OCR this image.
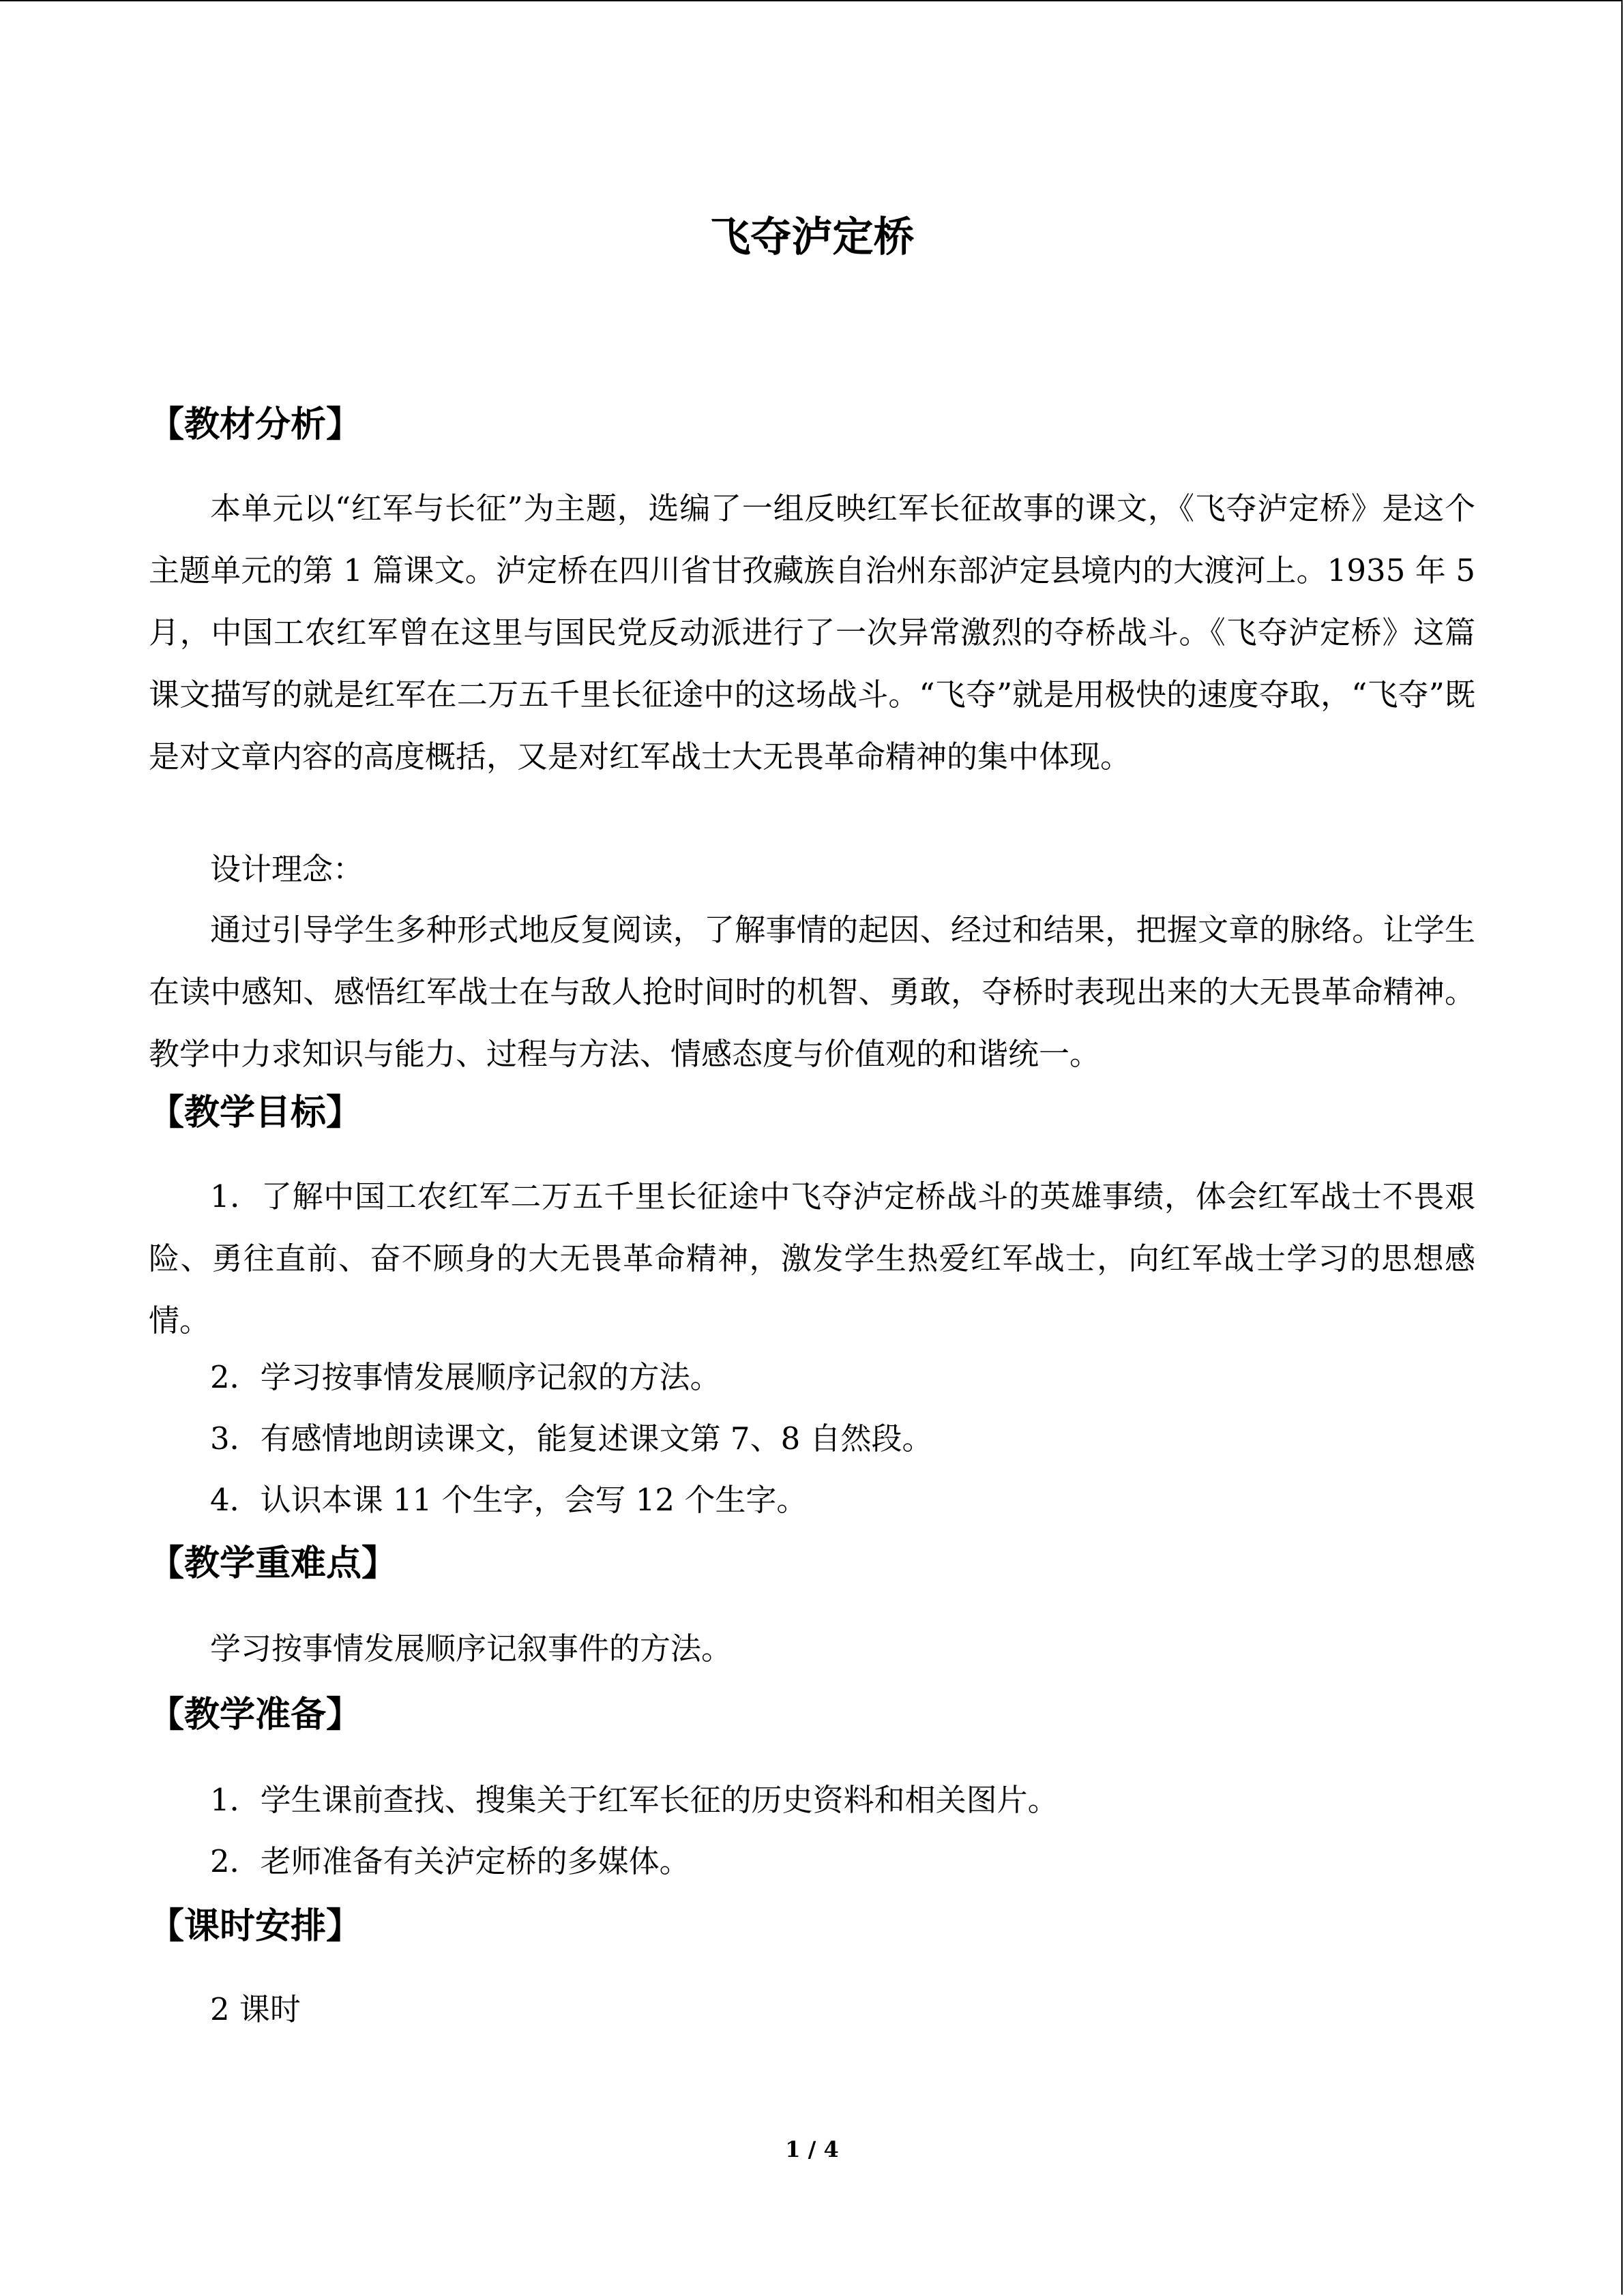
飞夺泸定桥
【教材分析】
本单元以“红军与长征”为主题，选编了一组反映红军长征故事的课文，《飞夺泸定桥》是这个主题单元的第 1 篇课文。泸定桥在四川省甘孜藏族自治州东部泸定县境内的大渡河上。1935 年 5 月，中国工农红军曾在这里与国民党反动派进行了一次异常激烈的夺桥战斗。《飞夺泸定桥》这篇课文描写的就是红军在二万五千里长征途中的这场战斗。“飞夺”就是用极快的速度夺取，“飞夺”既是对文章内容的高度概括，又是对红军战士大无畏革命精神的集中体现。
设计理念：
通过引导学生多种形式地反复阅读，了解事情的起因、经过和结果，把握文章的脉络。让学生在读中感知、感悟红军战士在与敌人抢时间时的机智、勇敢，夺桥时表现出来的大无畏革命精神。教学中力求知识与能力、过程与方法、情感态度与价值观的和谐统一。
【教学目标】
1．了解中国工农红军二万五千里长征途中飞夺泸定桥战斗的英雄事绩，体会红军战士不畏艰险、勇往直前、奋不顾身的大无畏革命精神，激发学生热爱红军战士，向红军战士学习的思想感情。
2．学习按事情发展顺序记叙的方法。
3．有感情地朗读课文，能复述课文第 7、8 自然段。
4．认识本课 11 个生字，会写 12 个生字。
【教学重难点】
学习按事情发展顺序记叙事件的方法。
【教学准备】
1．学生课前查找、搜集关于红军长征的历史资料和相关图片。
2．老师准备有关泸定桥的多媒体。
【课时安排】
2 课时
1 / 4
